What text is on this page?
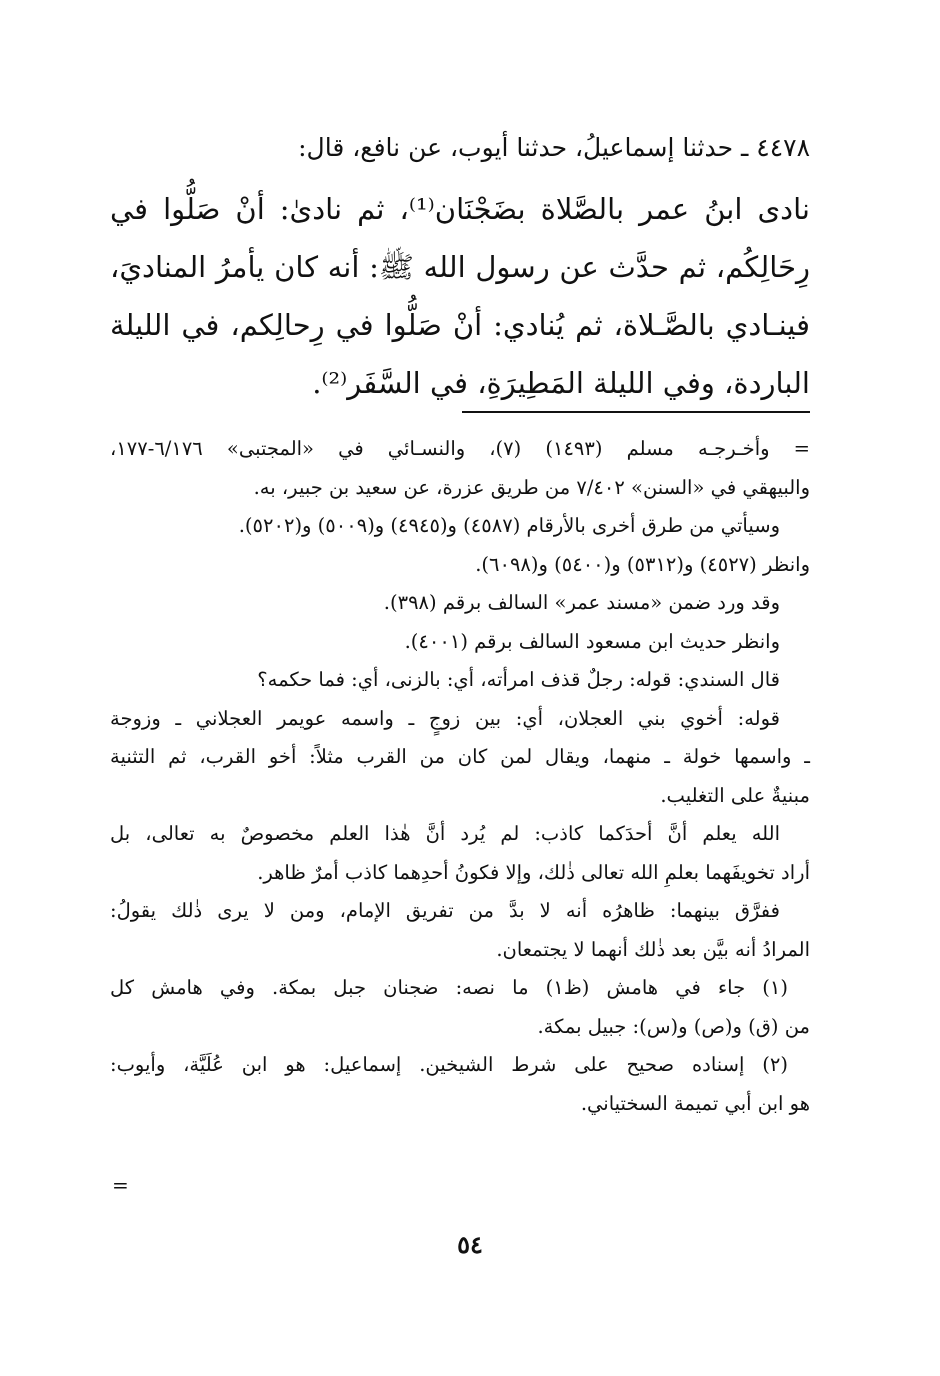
٤٤٧٨ ـ حدثنا إسماعيلُ، حدثنا أيوب، عن نافع، قال:
نادى ابنُ عمر بالصَّلاة بضَجْنَان⁽¹⁾، ثم نادىٰ: أنْ صَلُّوا في
رِحَالِكُم، ثم حدَّث عن رسول الله ﷺ: أنه كان يأمرُ المناديَ،
فينـادي بالصَّـلاة، ثم يُنادي: أنْ صَلُّوا في رِحالِكم، في الليلة
الباردة، وفي الليلة المَطِيرَةِ، في السَّفَر⁽²⁾.
= وأخـرجـه مسلم (١٤٩٣) (٧)، والنسـائي في «المجتبى» ٦/١٧٦-١٧٧،
والبيهقي في «السنن» ٧/٤٠٢ من طريق عزرة، عن سعيد بن جبير، به.
وسيأتي من طرق أخرى بالأرقام (٤٥٨٧) و(٤٩٤٥) و(٥٠٠٩) و(٥٢٠٢).
وانظر (٤٥٢٧) و(٥٣١٢) و(٥٤٠٠) و(٦٠٩٨).
وقد ورد ضمن «مسند عمر» السالف برقم (٣٩٨).
وانظر حديث ابن مسعود السالف برقم (٤٠٠١).
قال السندي: قوله: رجلٌ قذف امرأته، أي: بالزنى، أي: فما حكمه؟
قوله: أخوي بني العجلان، أي: بين زوجٍ ـ واسمه عويمر العجلاني ـ وزوجة
ـ واسمها خولة ـ منهما، ويقال لمن كان من القرب مثلاً: أخو القرب، ثم التثنية
مبنيةٌ على التغليب.
الله يعلم أنَّ أحدَكما كاذب: لم يُرد أنَّ هٰذا العلم مخصوصٌ به تعالى، بل
أراد تخويفَهما بعلمِ الله تعالى ذٰلك، وإلا فكونُ أحدِهما كاذب أمرٌ ظاهر.
ففرَّق بينهما: ظاهرُه أنه لا بدَّ من تفريق الإمام، ومن لا يرى ذٰلك يقولُ:
المرادُ أنه بيَّن بعد ذٰلك أنهما لا يجتمعان.
(١) جاء في هامش (ظ١) ما نصه: ضجنان جبل بمكة. وفي هامش كل
من (ق) و(ص) و(س): جبيل بمكة.
(٢) إسناده صحيح على شرط الشيخين. إسماعيل: هو ابن عُلَيَّة، وأيوب:
هو ابن أبي تميمة السختياني.
=
٥٤
